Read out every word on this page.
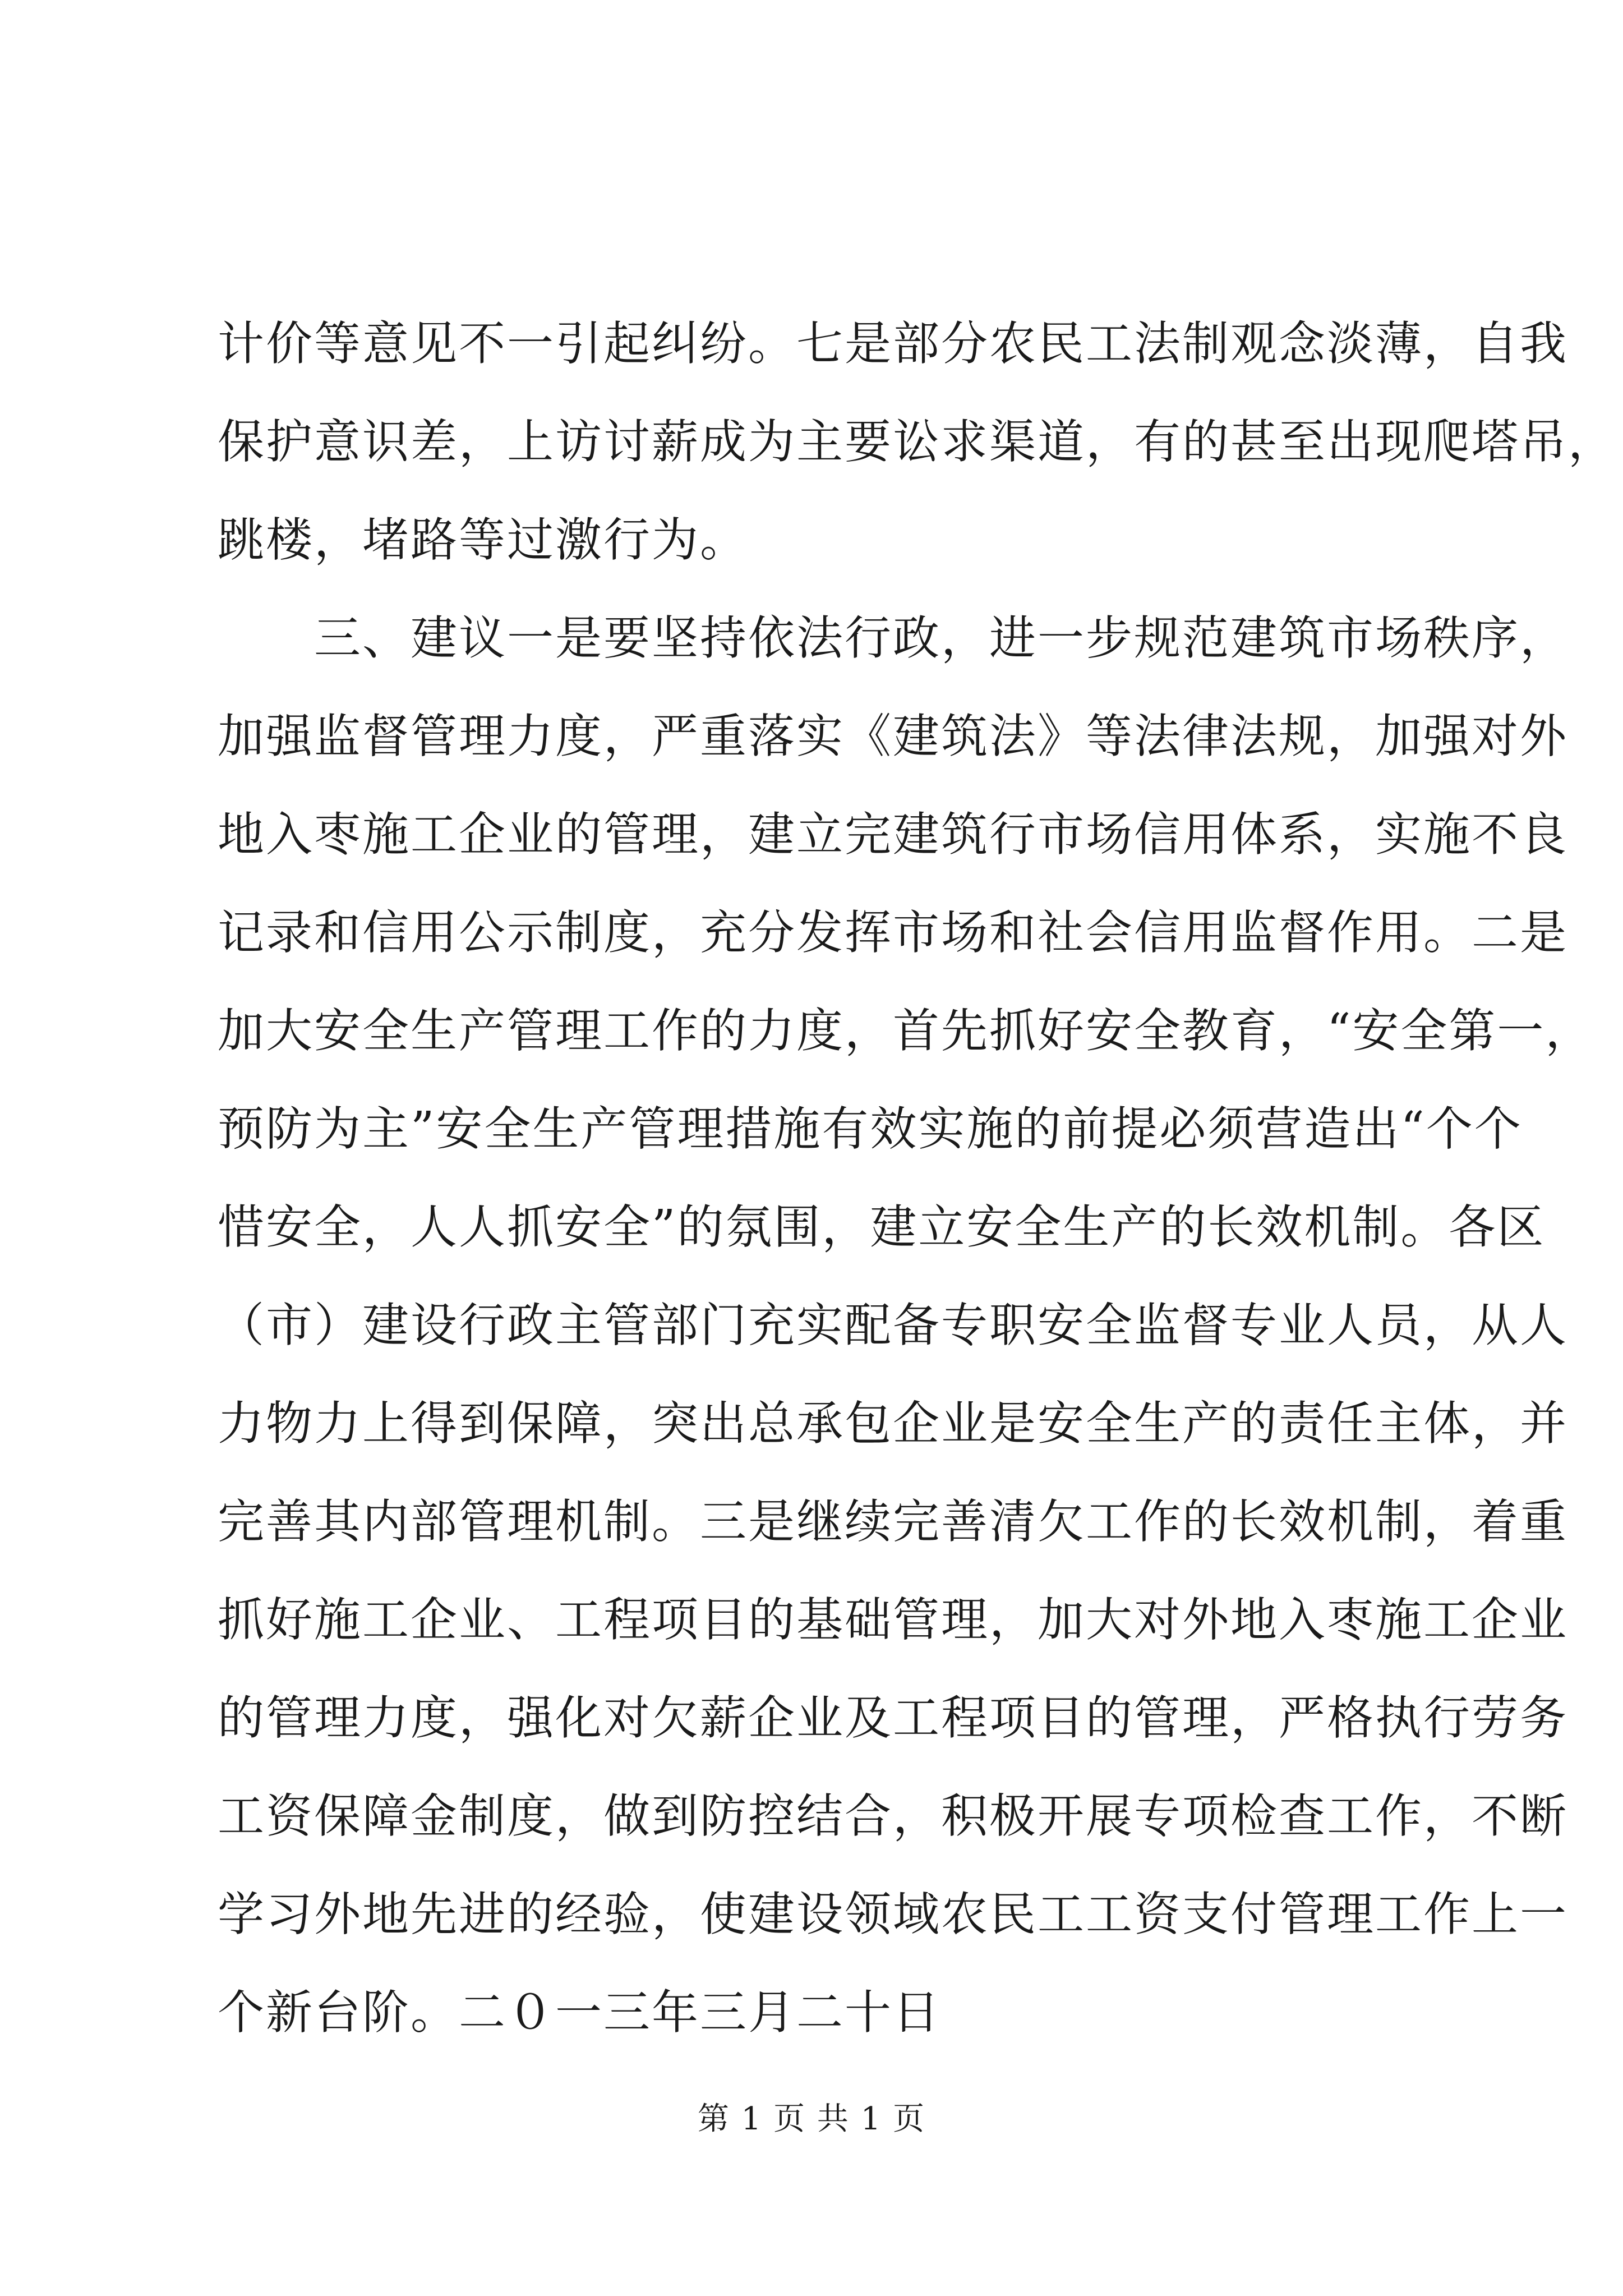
计价等意见不一引起纠纷。七是部分农民工法制观念淡薄，自我
保护意识差，上访讨薪成为主要讼求渠道，有的甚至出现爬塔吊，
跳楼，堵路等过激行为。
三、建议一是要坚持依法行政，进一步规范建筑市场秩序，
加强监督管理力度，严重落实《建筑法》等法律法规，加强对外
地入枣施工企业的管理，建立完建筑行市场信用体系，实施不良
记录和信用公示制度，充分发挥市场和社会信用监督作用。二是
加大安全生产管理工作的力度，首先抓好安全教育，“安全第一，
预防为主”安全生产管理措施有效实施的前提必须营造出“个个
惜安全，人人抓安全”的氛围，建立安全生产的长效机制。各区
（市）建设行政主管部门充实配备专职安全监督专业人员，从人
力物力上得到保障，突出总承包企业是安全生产的责任主体，并
完善其内部管理机制。三是继续完善清欠工作的长效机制，着重
抓好施工企业、工程项目的基础管理，加大对外地入枣施工企业
的管理力度，强化对欠薪企业及工程项目的管理，严格执行劳务
工资保障金制度，做到防控结合，积极开展专项检查工作，不断
学习外地先进的经验，使建设领域农民工工资支付管理工作上一
个新台阶。二０一三年三月二十日
第 1 页 共 1 页
